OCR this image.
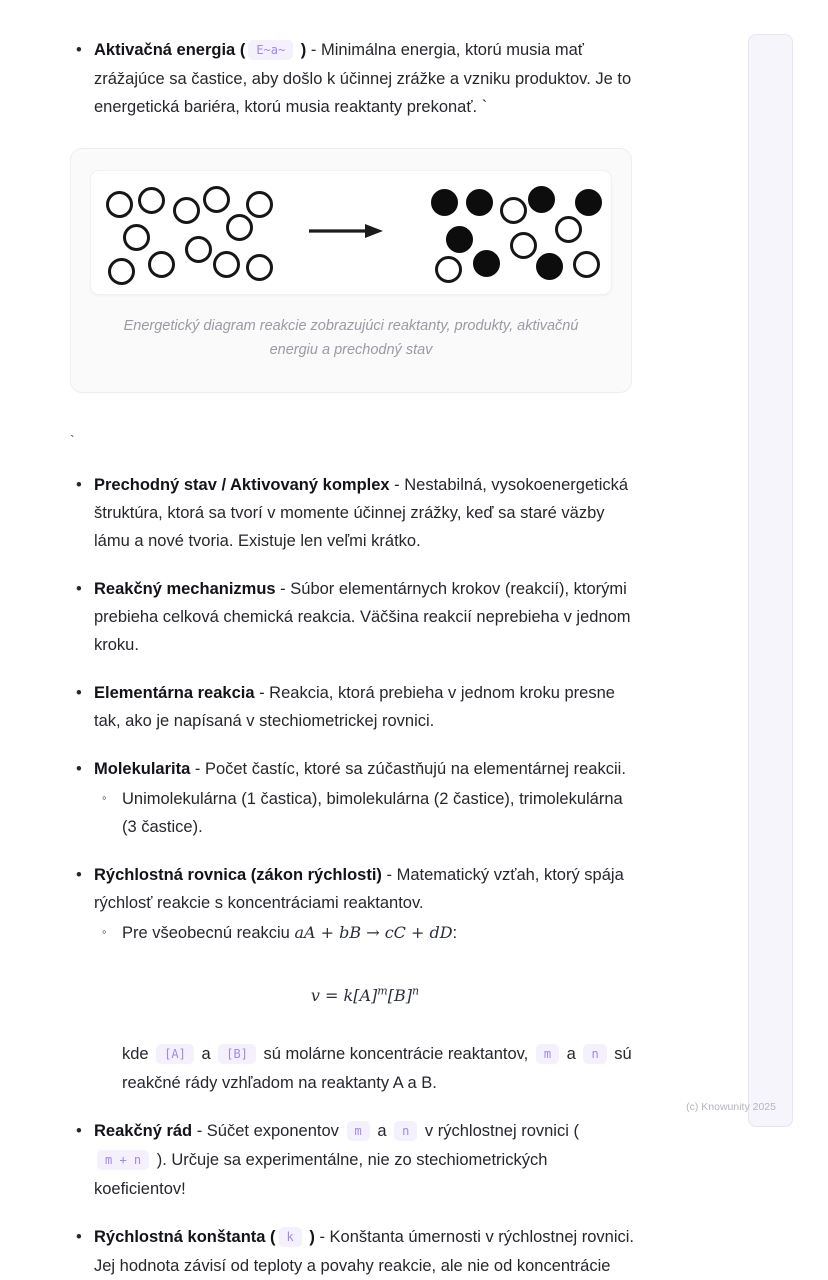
• Aktivačná energia ( E~a~ ) - Minimálna energia, ktorú musia mať zrážajúce sa častice, aby došlo k účinnej zrážke a vzniku produktov. Je to energetická bariéra, ktorú musia reaktanty prekonať. `
Energetický diagram reakcie zobrazujúci reaktanty, produkty, aktivačnú energiu a prechodný stav
`
• Prechodný stav / Aktivovaný komplex - Nestabilná, vysokoenergetická štruktúra, ktorá sa tvorí v momente účinnej zrážky, keď sa staré väzby lámu a nové tvoria. Existuje len veľmi krátko.
• Reakčný mechanizmus - Súbor elementárnych krokov (reakcií), ktorými prebieha celková chemická reakcia. Väčšina reakcií neprebieha v jednom kroku.
• Elementárna reakcia - Reakcia, ktorá prebieha v jednom kroku presne tak, ako je napísaná v stechiometrickej rovnici.
• Molekularita - Počet častíc, ktoré sa zúčastňujú na elementárnej reakcii.
◦ Unimolekulárna (1 častica), bimolekulárna (2 častice), trimolekulárna (3 častice).
• Rýchlostná rovnica (zákon rýchlosti) - Matematický vzťah, ktorý spája rýchlosť reakcie s koncentráciami reaktantov.
◦ Pre všeobecnú reakciu aA + bB → cC + dD:
$v = k[A]^m[B]^n$
kde [A] a [B] sú molárne koncentrácie reaktantov, m a n sú reakčné rády vzhľadom na reaktanty A a B.
• Reakčný rád - Súčet exponentov m a n v rýchlostnej rovnici ( m + n ). Určuje sa experimentálne, nie zo stechiometrických koeficientov!
• Rýchlostná konštanta ( k ) - Konštanta úmernosti v rýchlostnej rovnici. Jej hodnota závisí od teploty a povahy reakcie, ale nie od koncentrácie
(c) Knowunity 2025
